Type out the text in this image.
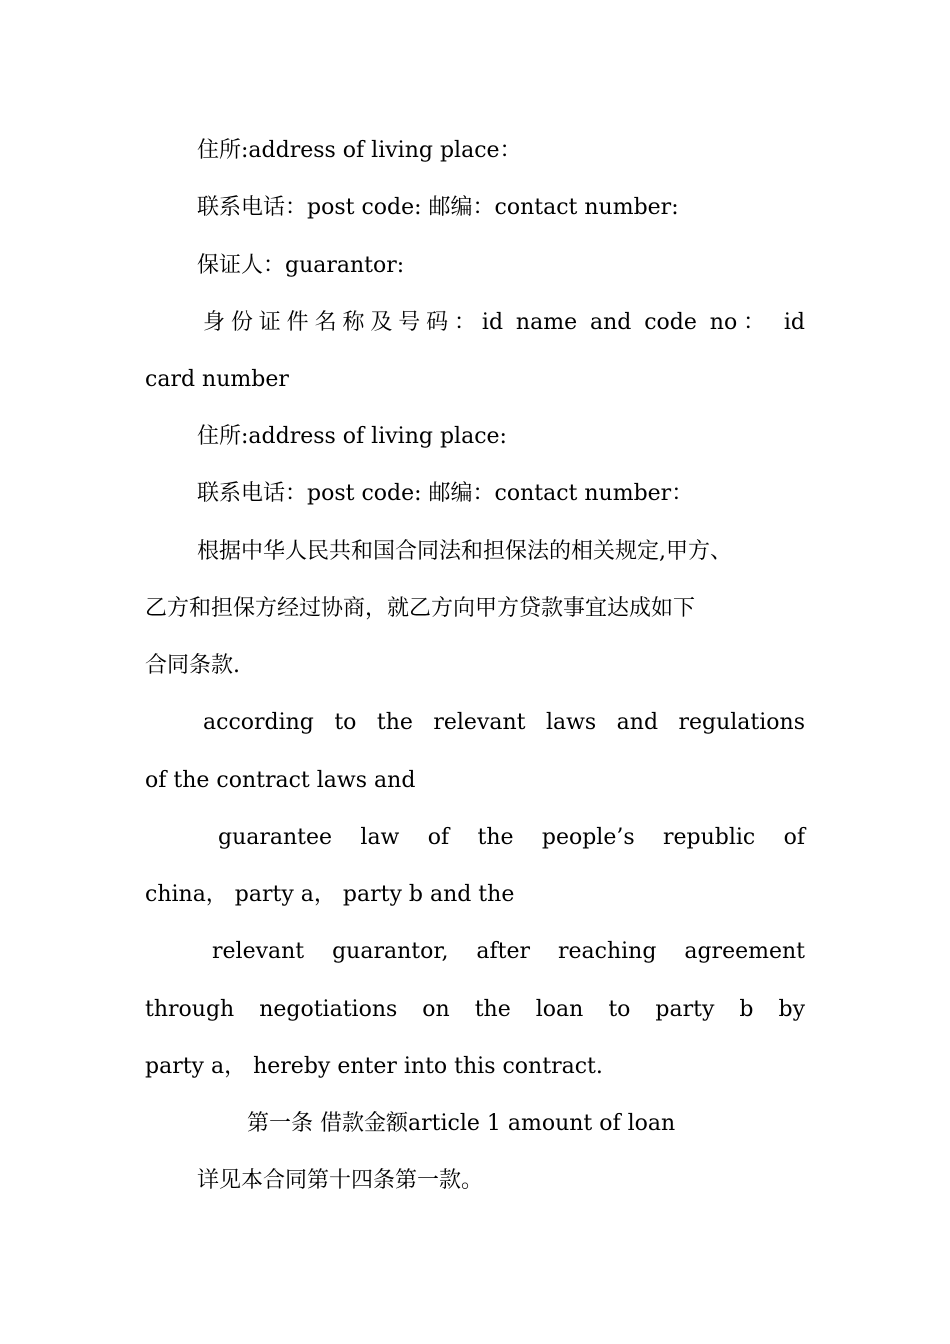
住所:address of living place：

联系电话：post code: 邮编：contact number:

保证人：guarantor:

身份证件名称及号码：id name and code no： id

card number

住所:address of living place:

联系电话：post code: 邮编：contact number：

根据中华人民共和国合同法和担保法的相关规定,甲方、

乙方和担保方经过协商，就乙方向甲方贷款事宜达成如下

合同条款.

according to the relevant laws and regulations

of the contract laws and

guarantee law of the people’s republic of

china， party a， party b and the

relevant guarantor, after reaching agreement

through negotiations on the loan to party b by

party a， hereby enter into this contract.

第一条 借款金额article 1 amount of loan

详见本合同第十四条第一款。
